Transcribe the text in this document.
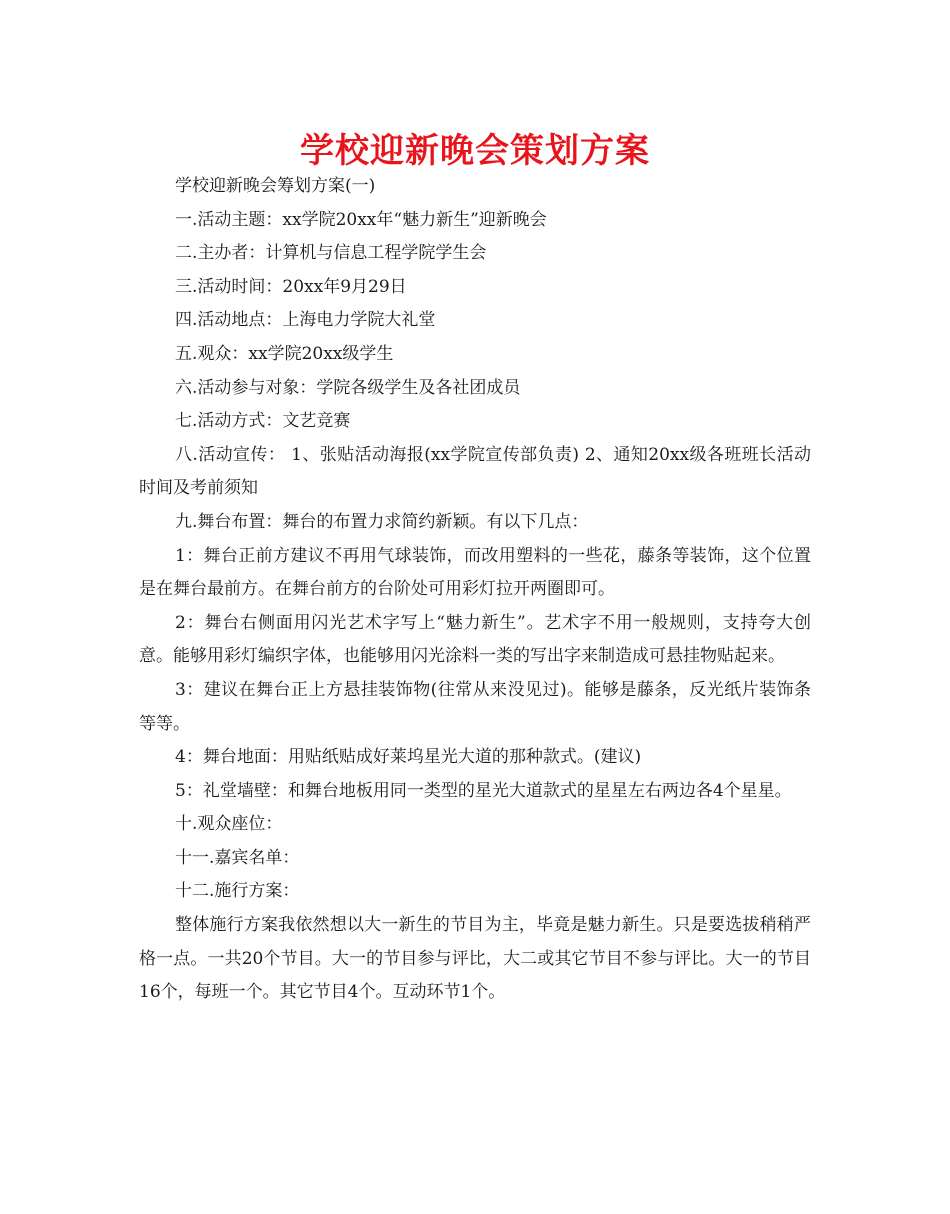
学校迎新晚会策划方案

学校迎新晚会筹划方案(一)

一.活动主题：xx学院20xx年“魅力新生”迎新晚会

二.主办者：计算机与信息工程学院学生会

三.活动时间：20xx年9月29日

四.活动地点：上海电力学院大礼堂

五.观众：xx学院20xx级学生

六.活动参与对象：学院各级学生及各社团成员

七.活动方式：文艺竞赛

八.活动宣传： 1、张贴活动海报(xx学院宣传部负责) 2、通知20xx级各班班长活动时间及考前须知

九.舞台布置：舞台的布置力求简约新颖。有以下几点：

1：舞台正前方建议不再用气球装饰，而改用塑料的一些花，藤条等装饰，这个位置是在舞台最前方。在舞台前方的台阶处可用彩灯拉开两圈即可。

2：舞台右侧面用闪光艺术字写上“魅力新生”。艺术字不用一般规则，支持夸大创意。能够用彩灯编织字体，也能够用闪光涂料一类的写出字来制造成可悬挂物贴起来。

3：建议在舞台正上方悬挂装饰物(往常从来没见过)。能够是藤条，反光纸片装饰条等等。

4：舞台地面：用贴纸贴成好莱坞星光大道的那种款式。(建议)

5：礼堂墙壁：和舞台地板用同一类型的星光大道款式的星星左右两边各4个星星。

十.观众座位：

十一.嘉宾名单：

十二.施行方案：

整体施行方案我依然想以大一新生的节目为主，毕竟是魅力新生。只是要选拔稍稍严格一点。一共20个节目。大一的节目参与评比，大二或其它节目不参与评比。大一的节目16个，每班一个。其它节目4个。互动环节1个。
